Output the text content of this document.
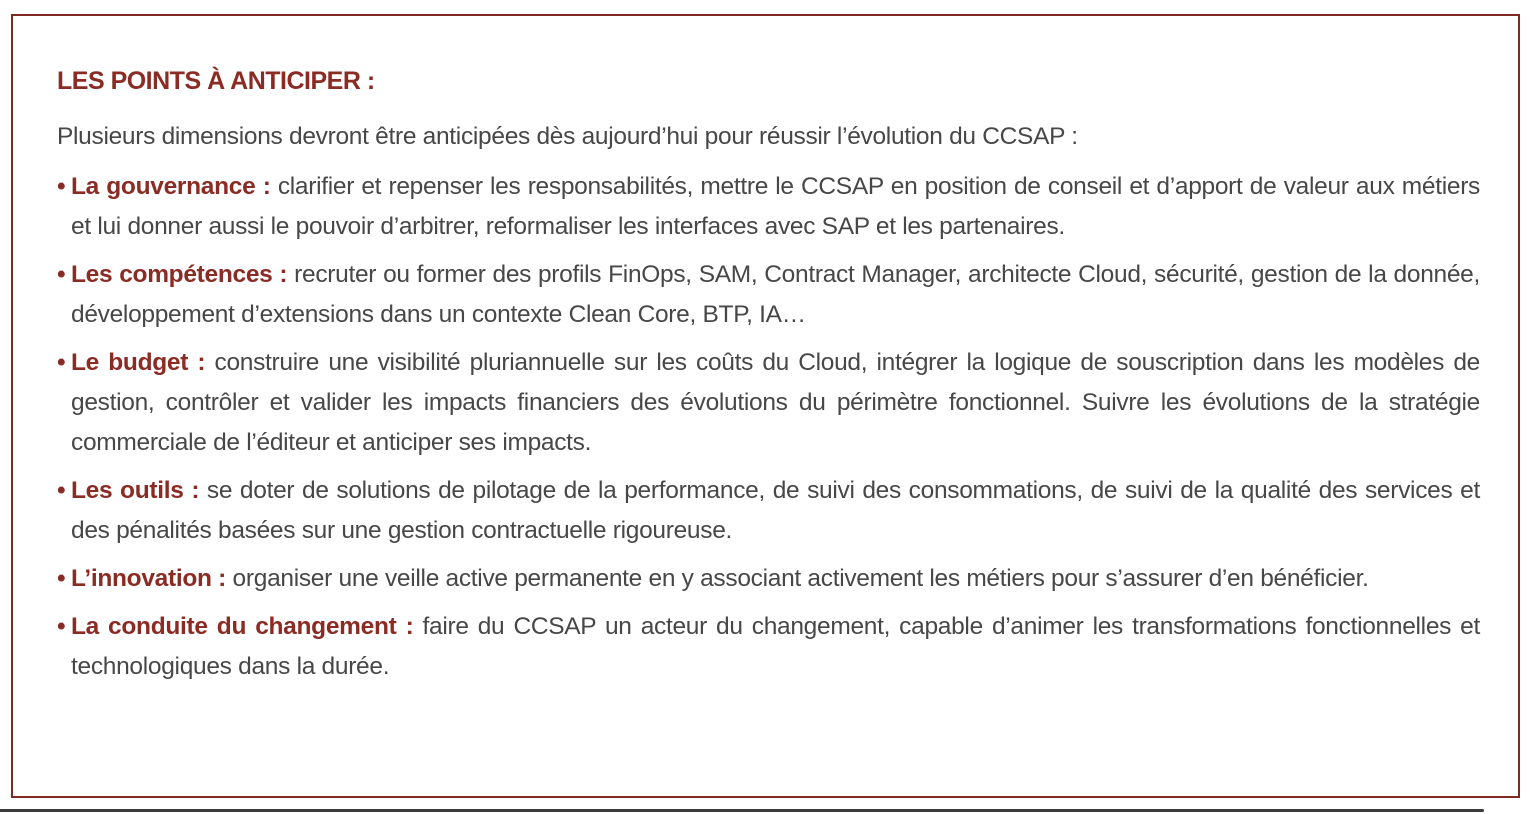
LES POINTS À ANTICIPER :

Plusieurs dimensions devront être anticipées dès aujourd’hui pour réussir l’évolution du CCSAP :

• La gouvernance : clarifier et repenser les responsabilités, mettre le CCSAP en position de conseil et d’apport de valeur aux métiers et lui donner aussi le pouvoir d’arbitrer, reformaliser les interfaces avec SAP et les partenaires.
• Les compétences : recruter ou former des profils FinOps, SAM, Contract Manager, architecte Cloud, sécurité, gestion de la donnée, développement d’extensions dans un contexte Clean Core, BTP, IA…
• Le budget : construire une visibilité pluriannuelle sur les coûts du Cloud, intégrer la logique de souscription dans les modèles de gestion, contrôler et valider les impacts financiers des évolutions du périmètre fonctionnel. Suivre les évolutions de la stratégie commerciale de l’éditeur et anticiper ses impacts.
• Les outils : se doter de solutions de pilotage de la performance, de suivi des consommations, de suivi de la qualité des services et des pénalités basées sur une gestion contractuelle rigoureuse.
• L’innovation : organiser une veille active permanente en y associant activement les métiers pour s’assurer d’en bénéficier.
• La conduite du changement : faire du CCSAP un acteur du changement, capable d’animer les transformations fonctionnelles et technologiques dans la durée.
